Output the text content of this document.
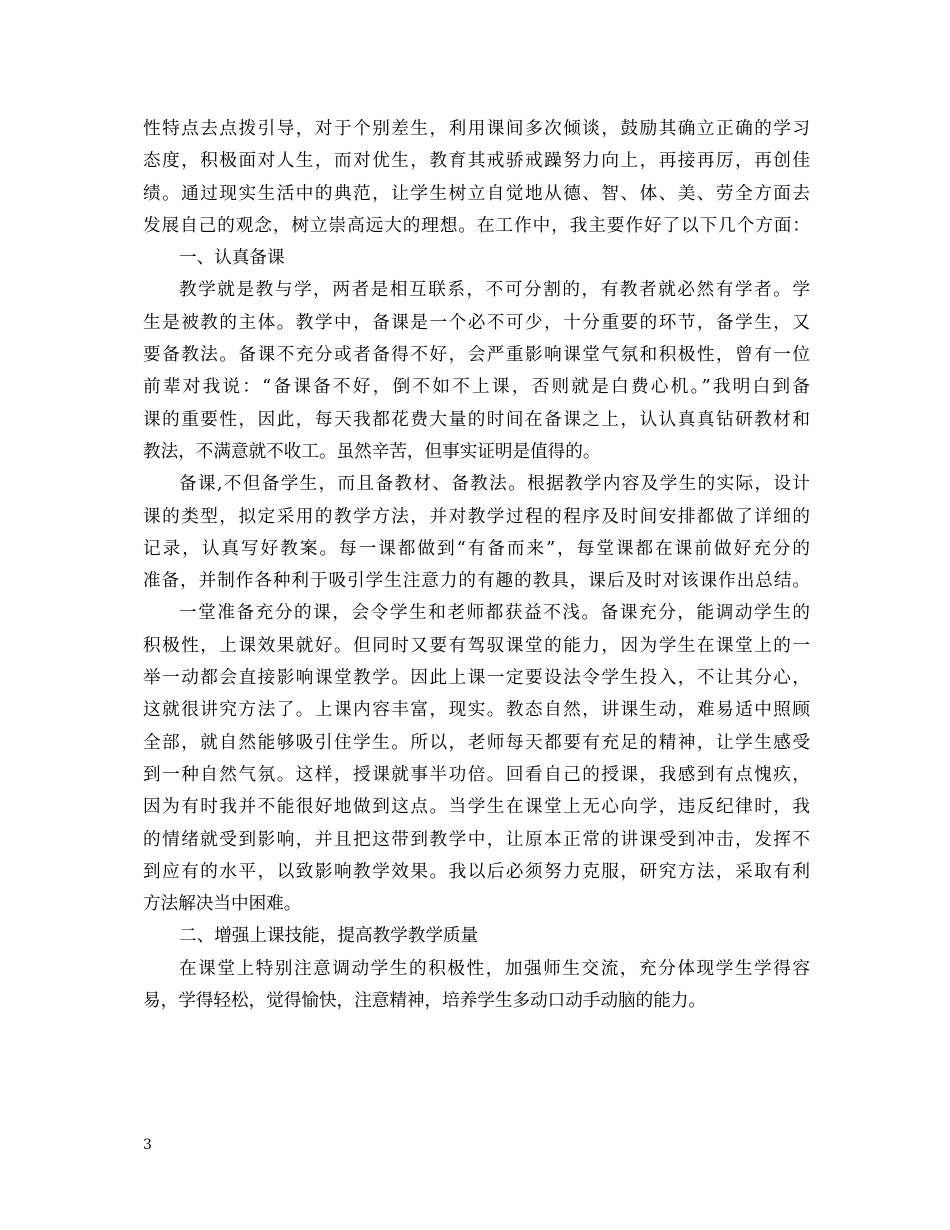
性特点去点拨引导，对于个别差生，利用课间多次倾谈，鼓励其确立正确的学习
态度，积极面对人生，而对优生，教育其戒骄戒躁努力向上，再接再厉，再创佳
绩。通过现实生活中的典范，让学生树立自觉地从德、智、体、美、劳全方面去
发展自己的观念，树立崇高远大的理想。在工作中，我主要作好了以下几个方面：
一、认真备课
教学就是教与学，两者是相互联系，不可分割的，有教者就必然有学者。学
生是被教的主体。教学中，备课是一个必不可少，十分重要的环节，备学生，又
要备教法。备课不充分或者备得不好，会严重影响课堂气氛和积极性，曾有一位
前辈对我说：“备课备不好，倒不如不上课，否则就是白费心机。”我明白到备
课的重要性，因此，每天我都花费大量的时间在备课之上，认认真真钻研教材和
教法，不满意就不收工。虽然辛苦，但事实证明是值得的。
备课,不但备学生，而且备教材、备教法。根据教学内容及学生的实际，设计
课的类型，拟定采用的教学方法，并对教学过程的程序及时间安排都做了详细的
记录，认真写好教案。每一课都做到“有备而来”，每堂课都在课前做好充分的
准备，并制作各种利于吸引学生注意力的有趣的教具，课后及时对该课作出总结。
一堂准备充分的课，会令学生和老师都获益不浅。备课充分，能调动学生的
积极性，上课效果就好。但同时又要有驾驭课堂的能力，因为学生在课堂上的一
举一动都会直接影响课堂教学。因此上课一定要设法令学生投入，不让其分心，
这就很讲究方法了。上课内容丰富，现实。教态自然，讲课生动，难易适中照顾
全部，就自然能够吸引住学生。所以，老师每天都要有充足的精神，让学生感受
到一种自然气氛。这样，授课就事半功倍。回看自己的授课，我感到有点愧疚，
因为有时我并不能很好地做到这点。当学生在课堂上无心向学，违反纪律时，我
的情绪就受到影响，并且把这带到教学中，让原本正常的讲课受到冲击，发挥不
到应有的水平，以致影响教学效果。我以后必须努力克服，研究方法，采取有利
方法解决当中困难。
二、增强上课技能，提高教学教学质量
在课堂上特别注意调动学生的积极性，加强师生交流，充分体现学生学得容
易，学得轻松，觉得愉快，注意精神，培养学生多动口动手动脑的能力。
3
